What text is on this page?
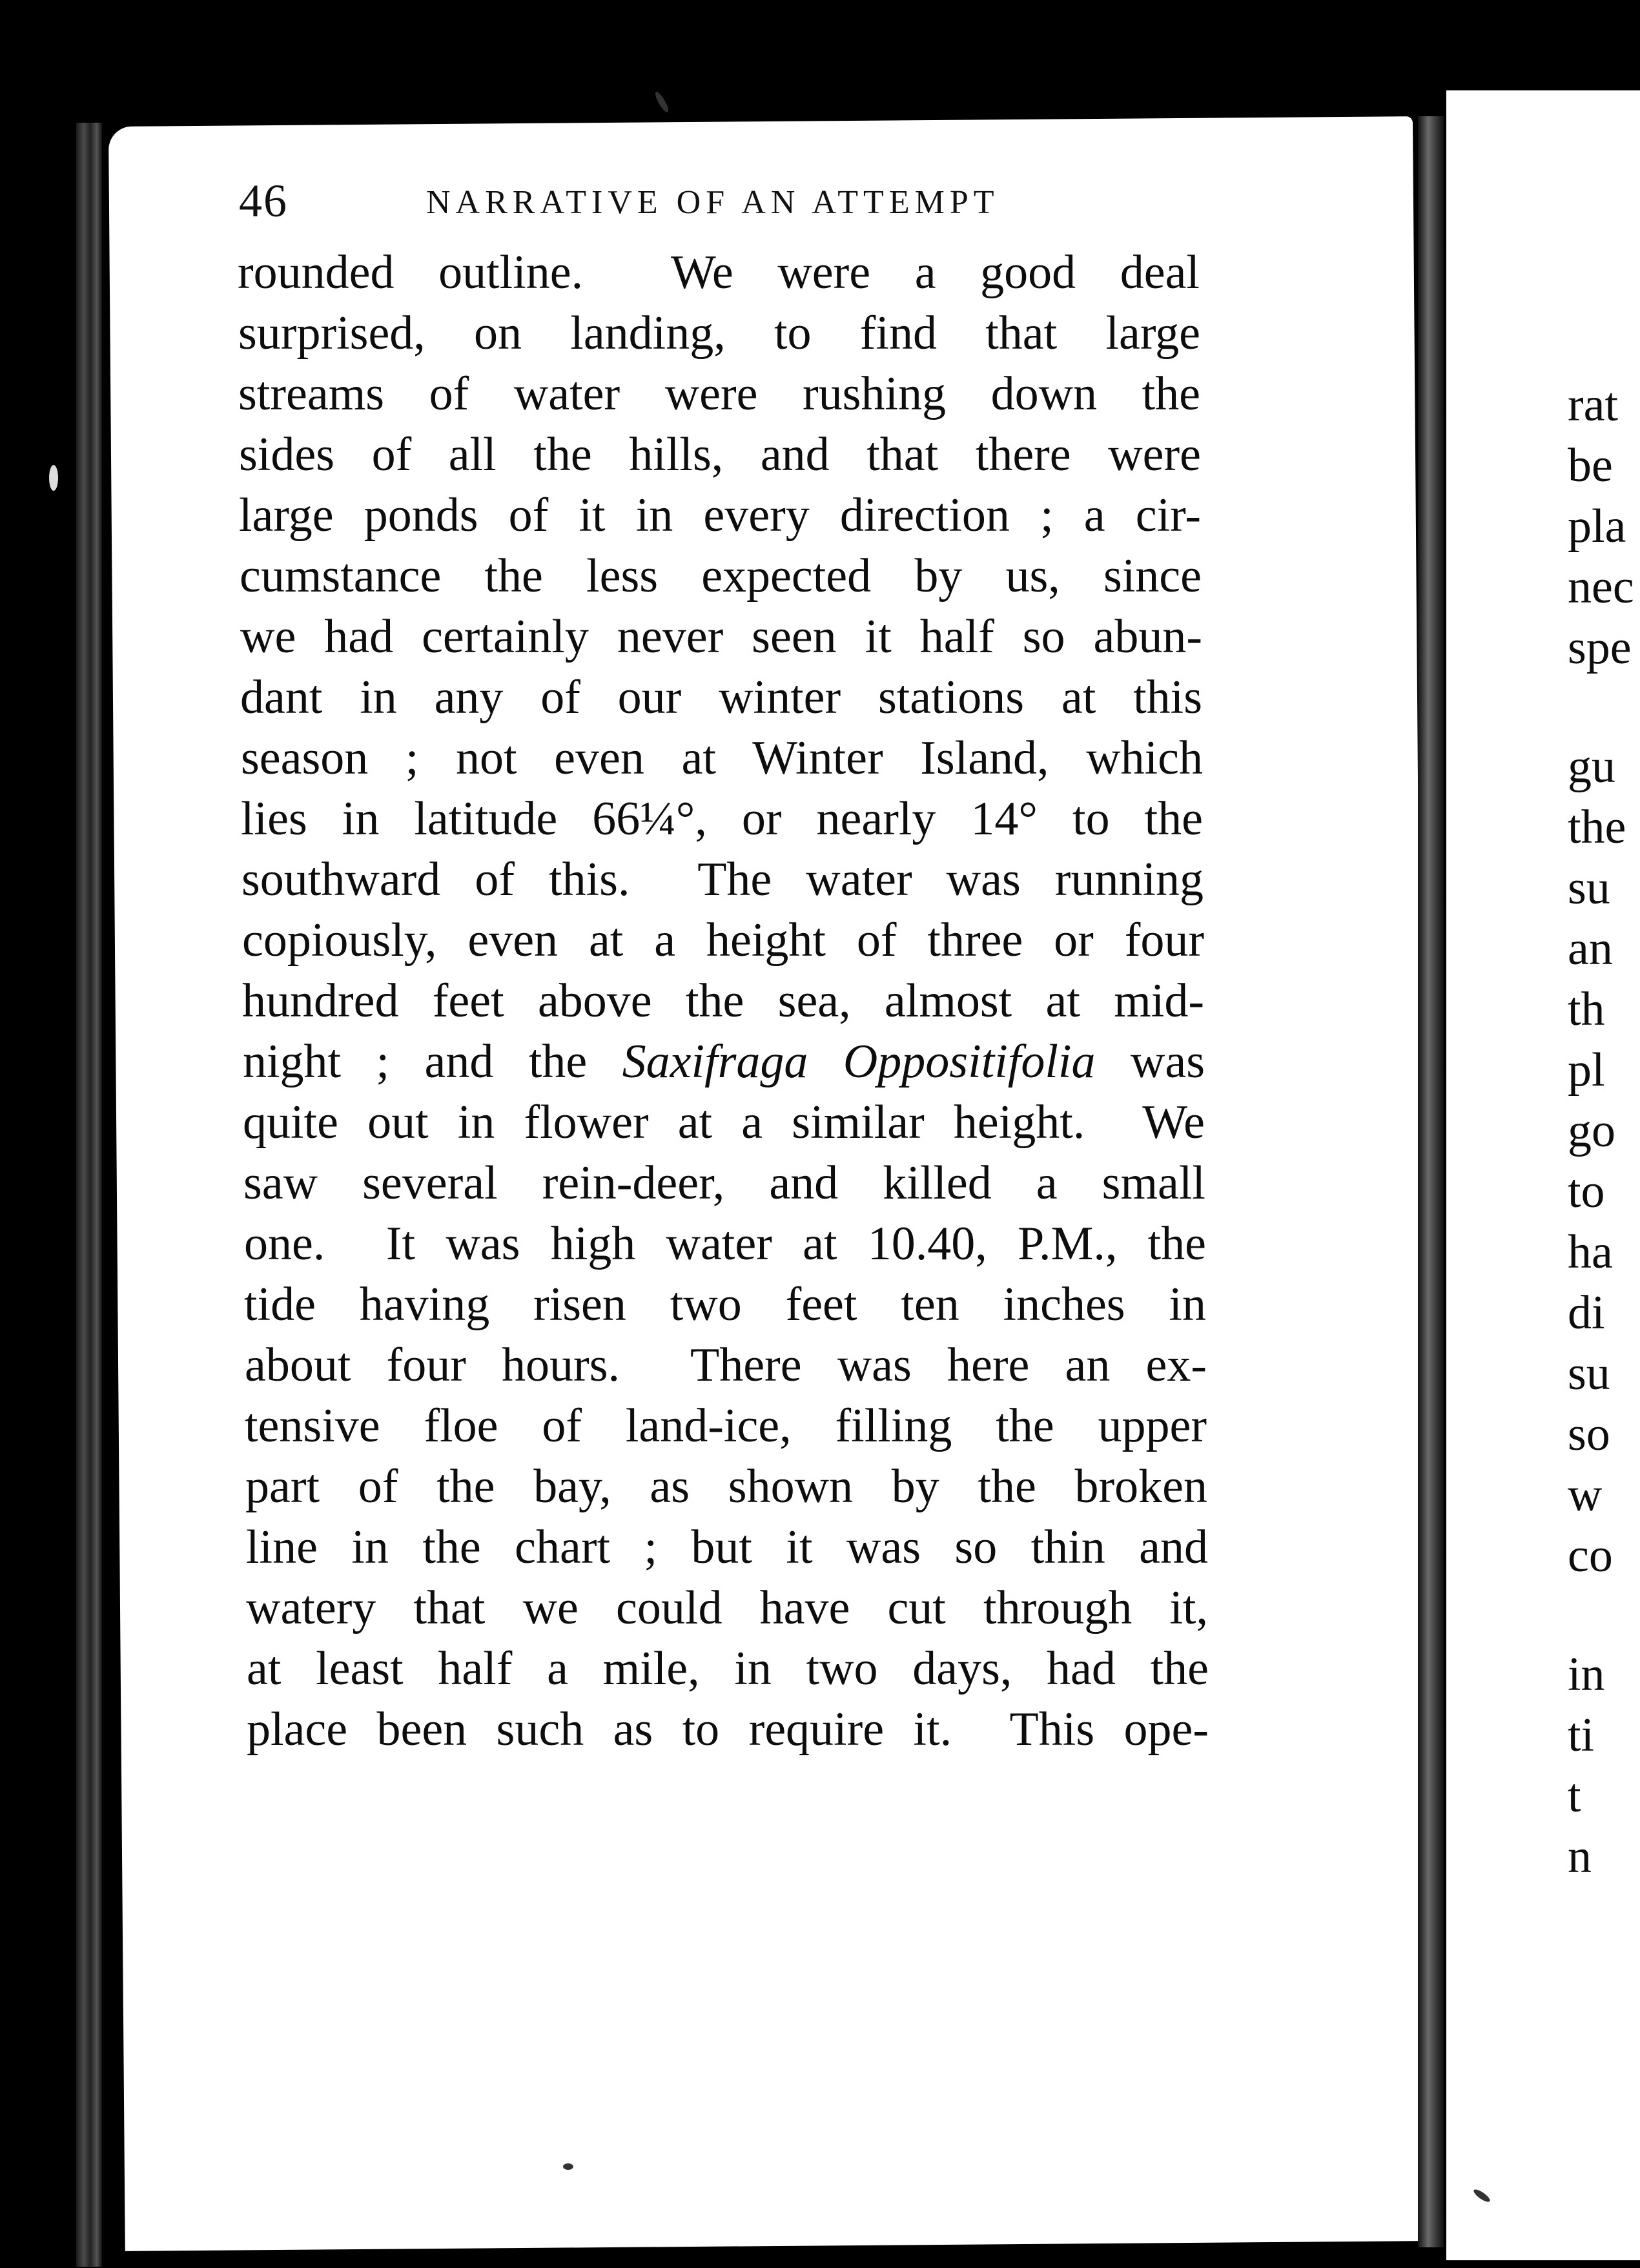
46	NARRATIVE OF AN ATTEMPT
rounded outline.  We were a good deal
surprised, on landing, to find that large
streams of water were rushing down the
sides of all the hills, and that there were
large ponds of it in every direction ; a cir-
cumstance the less expected by us, since
we had certainly never seen it half so abun-
dant in any of our winter stations at this
season ; not even at Winter Island, which
lies in latitude 66¼°, or nearly 14° to the
southward of this.  The water was running
copiously, even at a height of three or four
hundred feet above the sea, almost at mid-
night ; and the Saxifraga Oppositifolia was
quite out in flower at a similar height.  We
saw several rein-deer, and killed a small
one.  It was high water at 10.40, P.M., the
tide having risen two feet ten inches in
about four hours.  There was here an ex-
tensive floe of land-ice, filling the upper
part of the bay, as shown by the broken
line in the chart ; but it was so thin and
watery that we could have cut through it,
at least half a mile, in two days, had the
place been such as to require it.  This ope-
rat
be
pla
nec
spe
gu
the
su
an
th
pl
go
to
ha
di
su
so
w
co
in
ti
t
n
